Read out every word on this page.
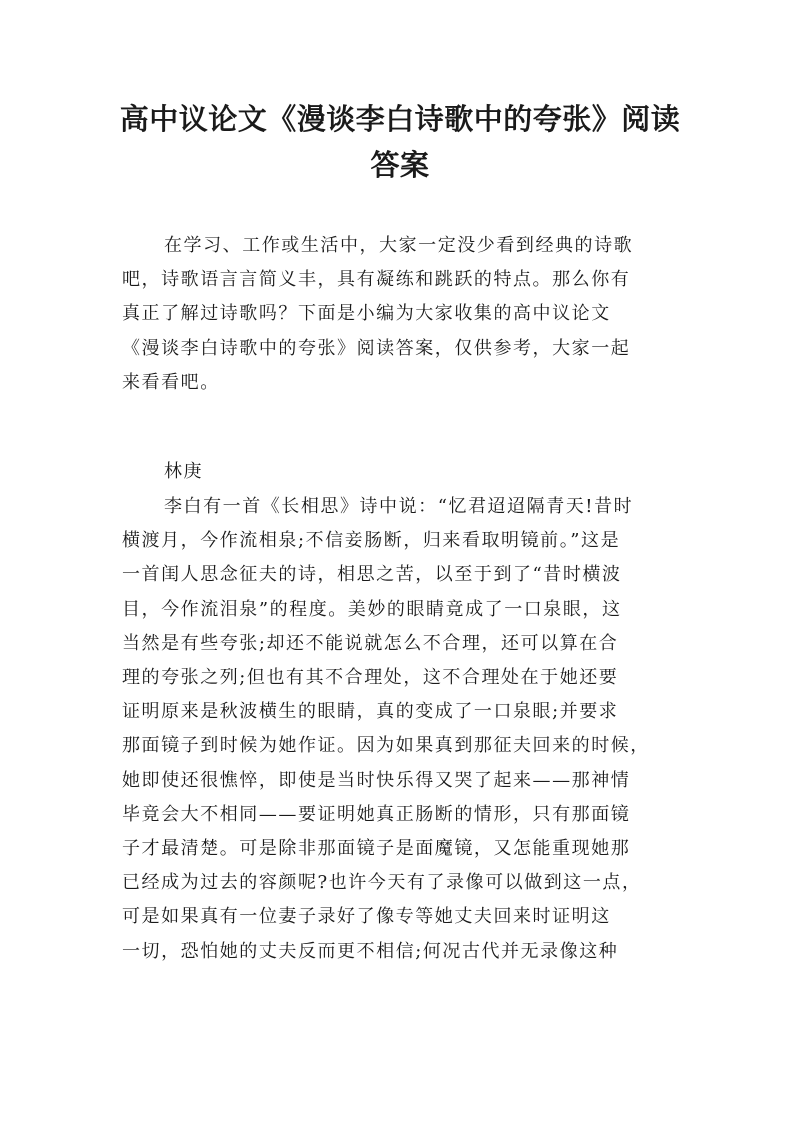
高中议论文《漫谈李白诗歌中的夸张》阅读
答案
在学习、工作或生活中，大家一定没少看到经典的诗歌
吧，诗歌语言言简义丰，具有凝练和跳跃的特点。那么你有
真正了解过诗歌吗？下面是小编为大家收集的高中议论文
《漫谈李白诗歌中的夸张》阅读答案，仅供参考，大家一起
来看看吧。
林庚
李白有一首《长相思》诗中说：“忆君迢迢隔青天!昔时
横渡月，今作流相泉;不信妾肠断，归来看取明镜前。”这是
一首闺人思念征夫的诗，相思之苦，以至于到了“昔时横波
目，今作流泪泉”的程度。美妙的眼睛竟成了一口泉眼，这
当然是有些夸张;却还不能说就怎么不合理，还可以算在合
理的夸张之列;但也有其不合理处，这不合理处在于她还要
证明原来是秋波横生的眼睛，真的变成了一口泉眼;并要求
那面镜子到时候为她作证。因为如果真到那征夫回来的时候，
她即使还很憔悴，即使是当时快乐得又哭了起来——那神情
毕竟会大不相同——要证明她真正肠断的情形，只有那面镜
子才最清楚。可是除非那面镜子是面魔镜，又怎能重现她那
已经成为过去的容颜呢?也许今天有了录像可以做到这一点，
可是如果真有一位妻子录好了像专等她丈夫回来时证明这
一切，恐怕她的丈夫反而更不相信;何况古代并无录像这种
